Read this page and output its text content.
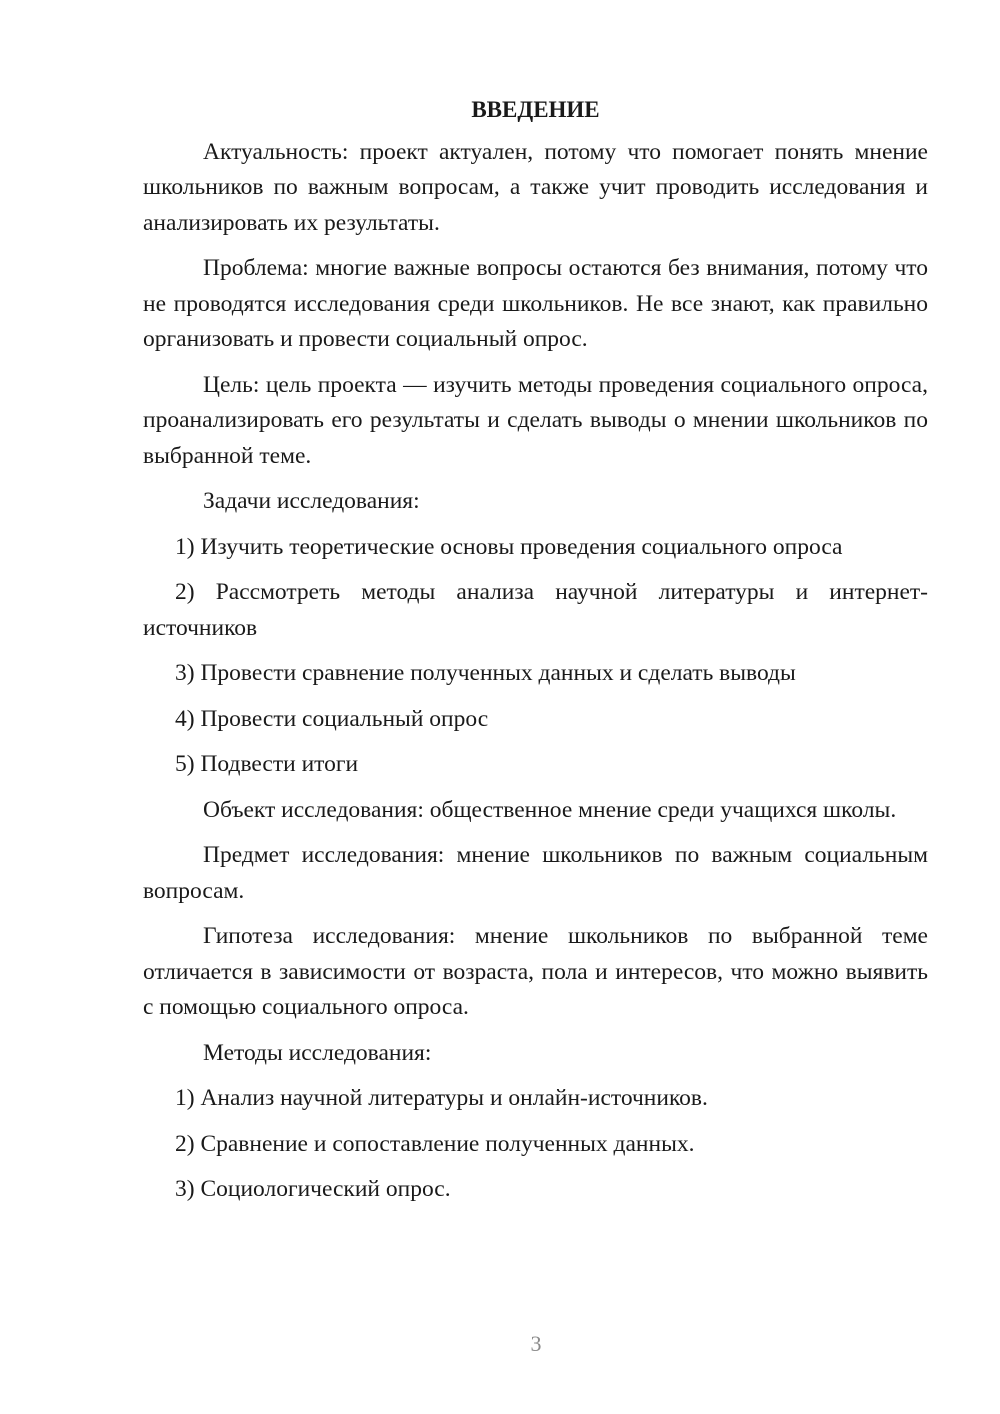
ВВЕДЕНИЕ
Актуальность: проект актуален, потому что помогает понять мнение школьников по важным вопросам, а также учит проводить исследования и анализировать их результаты.
Проблема: многие важные вопросы остаются без внимания, потому что не проводятся исследования среди школьников. Не все знают, как правильно организовать и провести социальный опрос.
Цель: цель проекта — изучить методы проведения социального опроса, проанализировать его результаты и сделать выводы о мнении школьников по выбранной теме.
Задачи исследования:
1) Изучить теоретические основы проведения социального опроса
2) Рассмотреть методы анализа научной литературы и интернет-источников
3) Провести сравнение полученных данных и сделать выводы
4) Провести социальный опрос
5) Подвести итоги
Объект исследования: общественное мнение среди учащихся школы.
Предмет исследования: мнение школьников по важным социальным вопросам.
Гипотеза исследования: мнение школьников по выбранной теме отличается в зависимости от возраста, пола и интересов, что можно выявить с помощью социального опроса.
Методы исследования:
1) Анализ научной литературы и онлайн-источников.
2) Сравнение и сопоставление полученных данных.
3) Социологический опрос.
3
